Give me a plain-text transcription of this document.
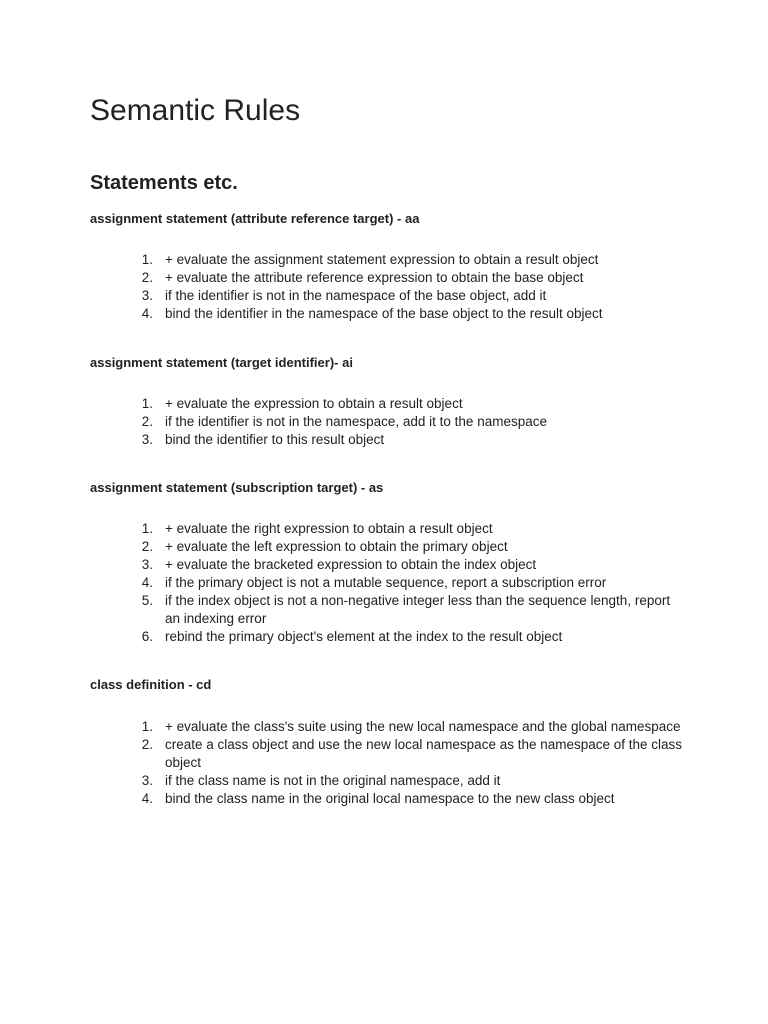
Semantic Rules
Statements etc.
assignment statement (attribute reference target) - aa
1. + evaluate the assignment statement expression to obtain a result object
2. + evaluate the attribute reference expression to obtain the base object
3. if the identifier is not in the namespace of the base object, add it
4. bind the identifier in the namespace of the base object to the result object
assignment statement (target identifier)- ai
1. + evaluate the expression to obtain a result object
2. if the identifier is not in the namespace, add it to the namespace
3. bind the identifier to this result object
assignment statement (subscription target) - as
1. + evaluate the right expression to obtain a result object
2. + evaluate the left expression to obtain the primary object
3. + evaluate the bracketed expression to obtain the index object
4. if the primary object is not a mutable sequence, report a subscription error
5. if the index object is not a non-negative integer less than the sequence length, report an indexing error
6. rebind the primary object's element at the index to the result object
class definition - cd
1. + evaluate the class's suite using the new local namespace and the global namespace
2. create a class object and use the new local namespace as the namespace of the class object
3. if the class name is not in the original namespace, add it
4. bind the class name in the original local namespace to the new class object
